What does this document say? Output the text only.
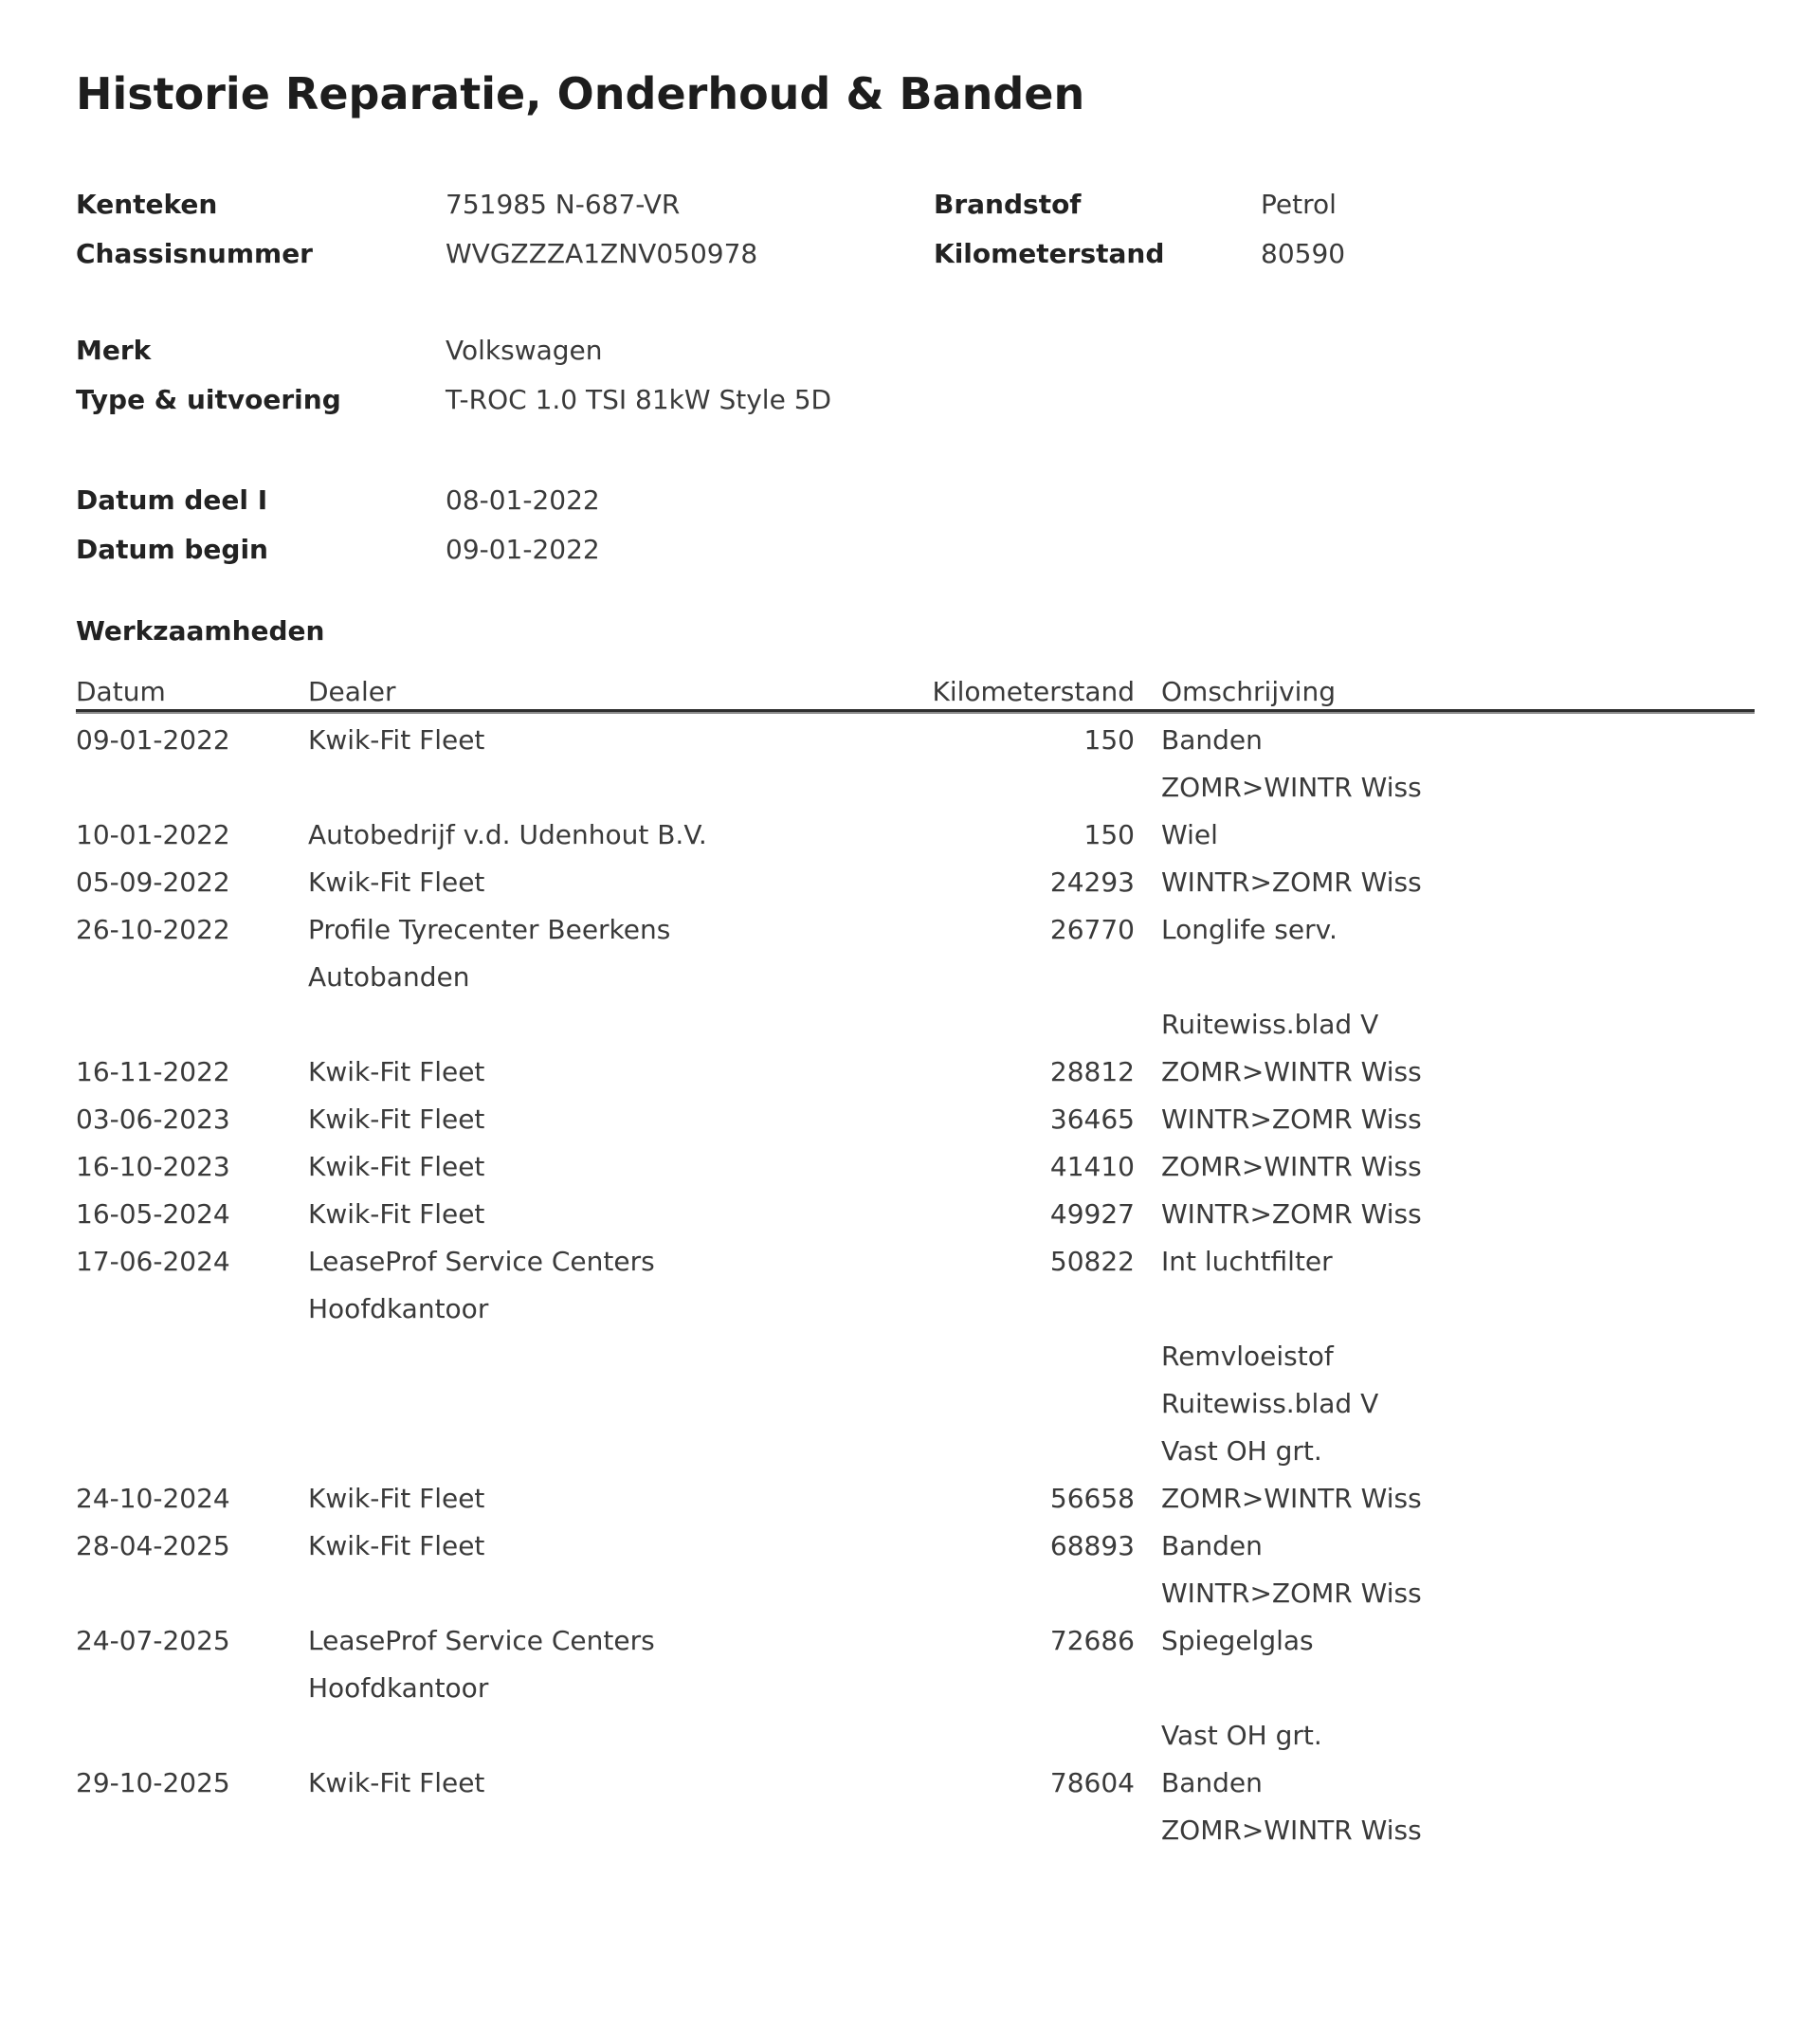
Historie Reparatie, Onderhoud & Banden
Kenteken	751985 N-687-VR	Brandstof	Petrol
Chassisnummer	WVGZZZA1ZNV050978	Kilometerstand	80590
Merk	Volkswagen
Type & uitvoering	T-ROC 1.0 TSI 81kW Style 5D
Datum deel I	08-01-2022
Datum begin	09-01-2022
Werkzaamheden
Datum	Dealer	Kilometerstand Omschrijving
09-01-2022	Kwik-Fit Fleet	150 Banden
ZOMR>WINTR Wiss
10-01-2022	Autobedrijf v.d. Udenhout B.V.	150 Wiel
05-09-2022	Kwik-Fit Fleet	24293 WINTR>ZOMR Wiss
26-10-2022	Profile Tyrecenter Beerkens	26770 Longlife serv.
Autobanden
Ruitewiss.blad V
16-11-2022	Kwik-Fit Fleet	28812 ZOMR>WINTR Wiss
03-06-2023	Kwik-Fit Fleet	36465 WINTR>ZOMR Wiss
16-10-2023	Kwik-Fit Fleet	41410 ZOMR>WINTR Wiss
16-05-2024	Kwik-Fit Fleet	49927 WINTR>ZOMR Wiss
17-06-2024	LeaseProf Service Centers	50822 Int luchtfilter
Hoofdkantoor
Remvloeistof
Ruitewiss.blad V
Vast OH grt.
24-10-2024	Kwik-Fit Fleet	56658 ZOMR>WINTR Wiss
28-04-2025	Kwik-Fit Fleet	68893 Banden
WINTR>ZOMR Wiss
24-07-2025	LeaseProf Service Centers	72686 Spiegelglas
Hoofdkantoor
Vast OH grt.
29-10-2025	Kwik-Fit Fleet	78604 Banden
ZOMR>WINTR Wiss
